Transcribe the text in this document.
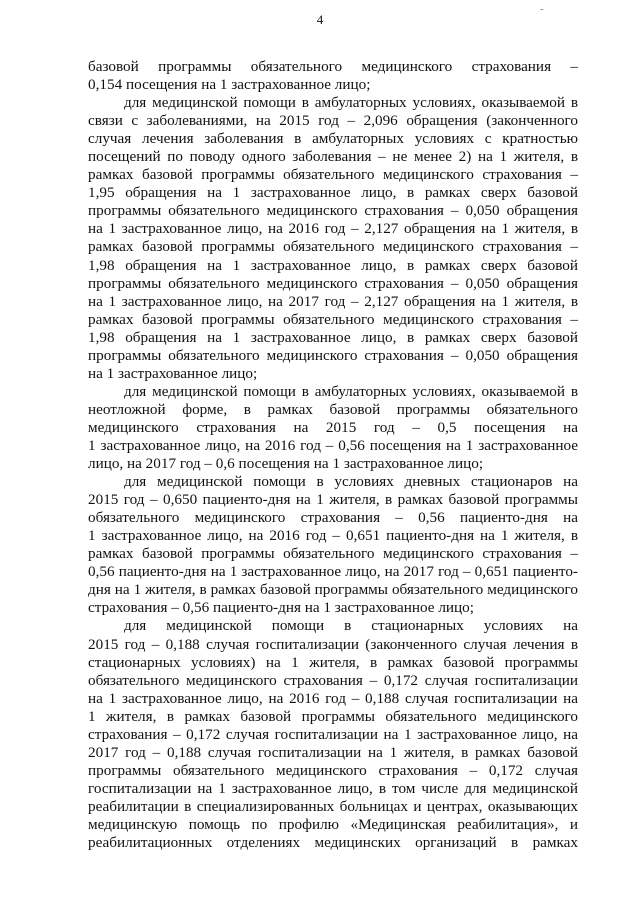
-
4
базовой программы обязательного медицинского страхования –
0,154 посещения на 1 застрахованное лицо;
для медицинской помощи в амбулаторных условиях, оказываемой в
связи с заболеваниями, на 2015 год – 2,096 обращения (законченного
случая лечения заболевания в амбулаторных условиях с кратностью
посещений по поводу одного заболевания – не менее 2) на 1 жителя, в
рамках базовой программы обязательного медицинского страхования –
1,95 обращения на 1 застрахованное лицо, в рамках сверх базовой
программы обязательного медицинского страхования – 0,050 обращения
на 1 застрахованное лицо, на 2016 год – 2,127 обращения на 1 жителя, в
рамках базовой программы обязательного медицинского страхования –
1,98 обращения на 1 застрахованное лицо, в рамках сверх базовой
программы обязательного медицинского страхования – 0,050 обращения
на 1 застрахованное лицо, на 2017 год – 2,127 обращения на 1 жителя, в
рамках базовой программы обязательного медицинского страхования –
1,98 обращения на 1 застрахованное лицо, в рамках сверх базовой
программы обязательного медицинского страхования – 0,050 обращения
на 1 застрахованное лицо;
для медицинской помощи в амбулаторных условиях, оказываемой в
неотложной форме, в рамках базовой программы обязательного
медицинского страхования на 2015 год – 0,5 посещения на
1 застрахованное лицо, на 2016 год – 0,56 посещения на 1 застрахованное
лицо, на 2017 год – 0,6 посещения на 1 застрахованное лицо;
для медицинской помощи в условиях дневных стационаров на
2015 год – 0,650 пациенто-дня на 1 жителя, в рамках базовой программы
обязательного медицинского страхования – 0,56 пациенто-дня на
1 застрахованное лицо, на 2016 год – 0,651 пациенто-дня на 1 жителя, в
рамках базовой программы обязательного медицинского страхования –
0,56 пациенто-дня на 1 застрахованное лицо, на 2017 год – 0,651 пациенто-
дня на 1 жителя, в рамках базовой программы обязательного медицинского
страхования – 0,56 пациенто-дня на 1 застрахованное лицо;
для медицинской помощи в стационарных условиях на
2015 год – 0,188 случая госпитализации (законченного случая лечения в
стационарных условиях) на 1 жителя, в рамках базовой программы
обязательного медицинского страхования – 0,172 случая госпитализации
на 1 застрахованное лицо, на 2016 год – 0,188 случая госпитализации на
1 жителя, в рамках базовой программы обязательного медицинского
страхования – 0,172 случая госпитализации на 1 застрахованное лицо, на
2017 год – 0,188 случая госпитализации на 1 жителя, в рамках базовой
программы обязательного медицинского страхования – 0,172 случая
госпитализации на 1 застрахованное лицо, в том числе для медицинской
реабилитации в специализированных больницах и центрах, оказывающих
медицинскую помощь по профилю «Медицинская реабилитация», и
реабилитационных отделениях медицинских организаций в рамках
